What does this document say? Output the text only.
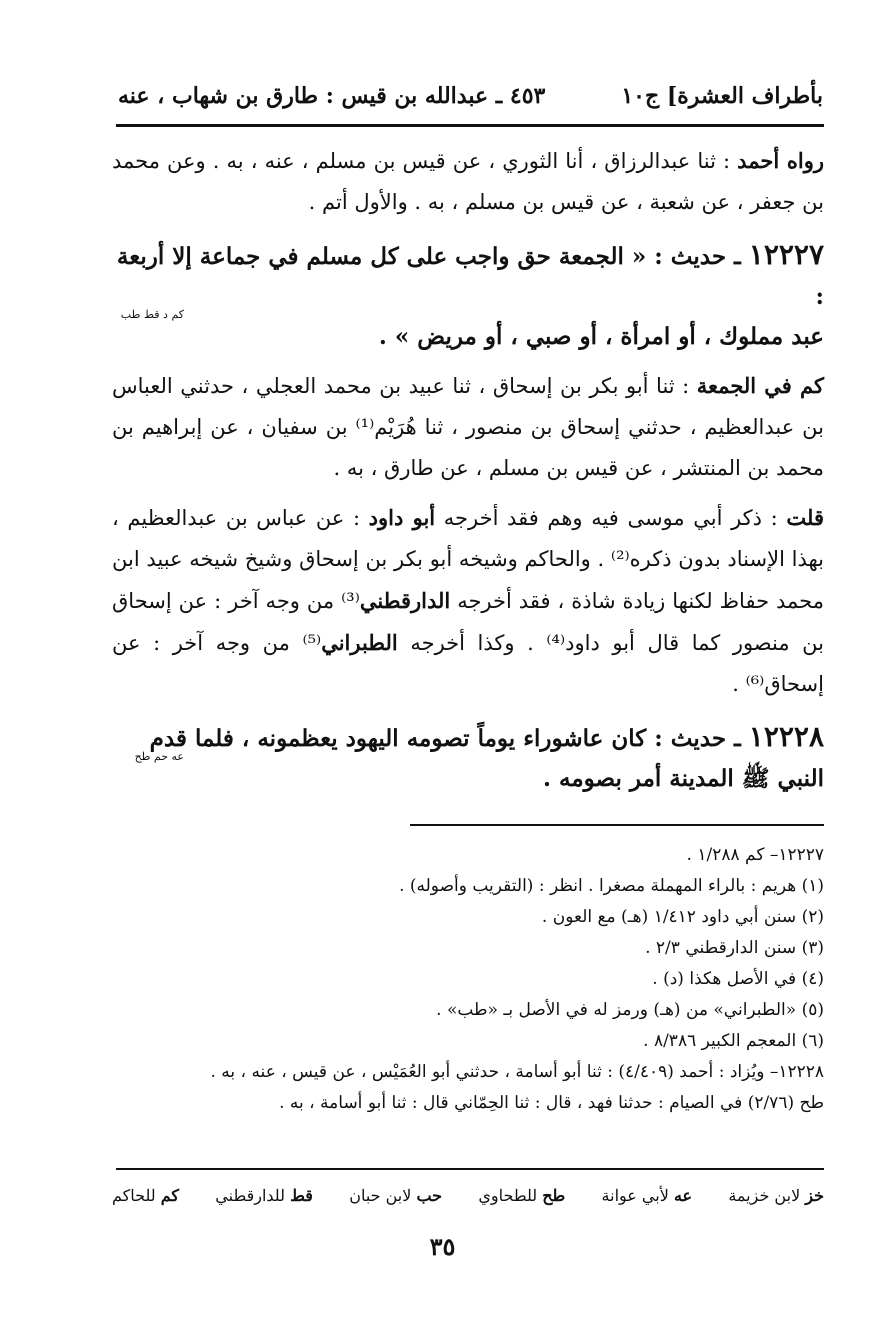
بأطراف العشرة] ج١٠
٤٥٣ ـ عبدالله بن قيس : طارق بن شهاب ، عنه

رواه أحمد : ثنا عبدالرزاق ، أنا الثوري ، عن قيس بن مسلم ، عنه ، به . وعن محمد بن جعفر ، عن شعبة ، عن قيس بن مسلم ، به . والأول أتم .

١٢٢٢٧ ـ حديث : « الجمعة حق واجب على كل مسلم في جماعة إلا أربعة :
كم د قط طب
عبد مملوك ، أو امرأة ، أو صبي ، أو مريض » .

كم في الجمعة : ثنا أبو بكر بن إسحاق ، ثنا عبيد بن محمد العجلي ، حدثني العباس بن عبدالعظيم ، حدثني إسحاق بن منصور ، ثنا هُرَيْم⁽¹⁾ بن سفيان ، عن إبراهيم بن محمد بن المنتشر ، عن قيس بن مسلم ، عن طارق ، به .

قلت : ذكر أبي موسى فيه وهم فقد أخرجه أبو داود : عن عباس بن عبدالعظيم ، بهذا الإسناد بدون ذكره⁽²⁾ . والحاكم وشيخه أبو بكر بن إسحاق وشيخ شيخه عبيد ابن محمد حفاظ لكنها زيادة شاذة ، فقد أخرجه الدارقطني⁽³⁾ من وجه آخر : عن إسحاق بن منصور كما قال أبو داود⁽⁴⁾ . وكذا أخرجه الطبراني⁽⁵⁾ من وجه آخر : عن إسحاق⁽⁶⁾ .

١٢٢٢٨ ـ حديث : كان عاشوراء يوماً تصومه اليهود يعظمونه ، فلما قدم
عه حم طح
النبي ﷺ المدينة أمر بصومه .

١٢٢٢٧– كم ١/٢٨٨ .

(١) هريم : بالراء المهملة مصغرا . انظر : (التقريب وأصوله) .

(٢) سنن أبي داود ١/٤١٢ (هـ) مع العون .

(٣) سنن الدارقطني ٢/٣ .

(٤) في الأصل هكذا (د) .

(٥) «الطبراني» من (هـ) ورمز له في الأصل بـ «طب» .

(٦) المعجم الكبير ٨/٣٨٦ .

١٢٢٢٨– ويُزاد : أحمد (٤/٤٠٩) : ثنا أبو أسامة ، حدثني أبو العُمَيْس ، عن قيس ، عنه ، به .

طح (٢/٧٦) في الصيام : حدثنا فهد ، قال : ثنا الحِمّاني قال : ثنا أبو أسامة ، به .

خز لابن خزيمة
عه لأبي عوانة
طح للطحاوي
حب لابن حبان
قط للدارقطني
كم للحاكم
٣٥
